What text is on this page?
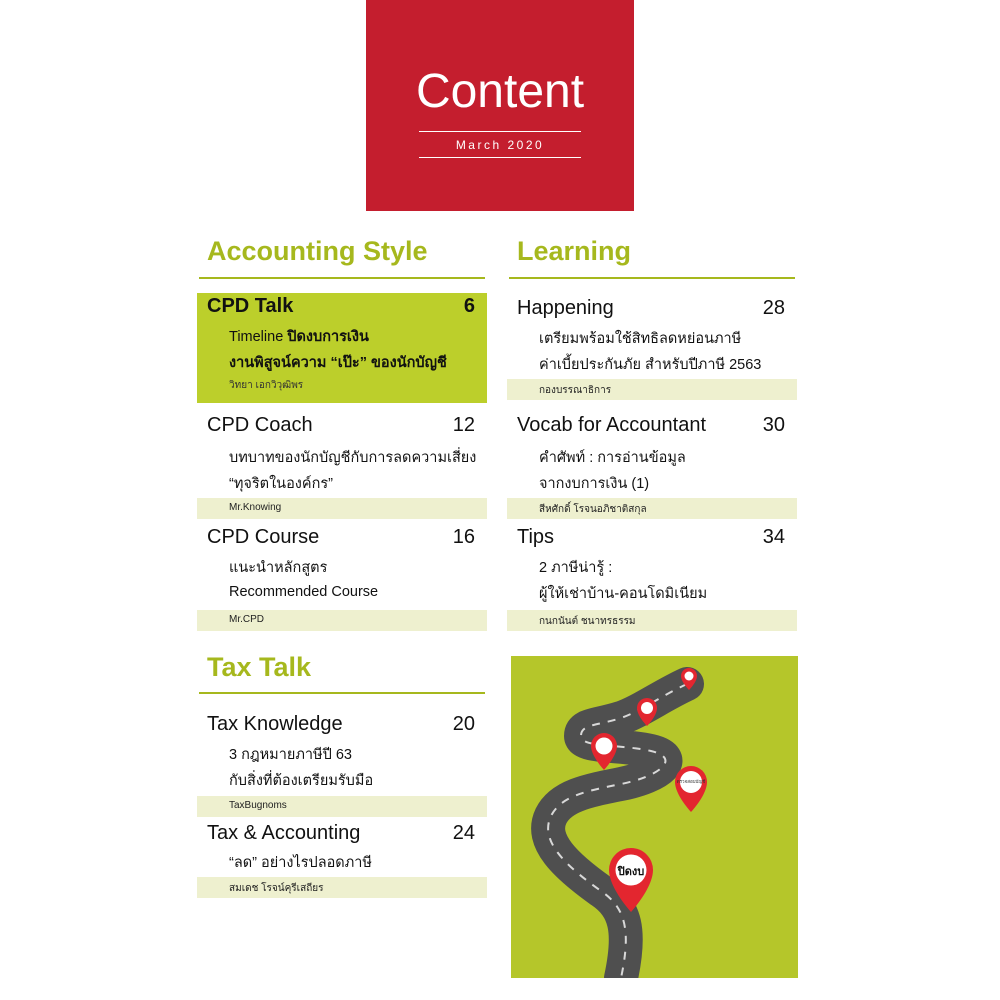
Content
March 2020
Accounting Style
CPD Talk	6
Timeline ปิดงบการเงิน
งานพิสูจน์ความ “เป๊ะ” ของนักบัญชี
วิทยา เอกวิวุฒิพร
CPD Coach	12
บทบาทของนักบัญชีกับการลดความเสี่ยง
“ทุจริตในองค์กร”
Mr.Knowing
CPD Course	16
แนะนำหลักสูตร
Recommended Course
Mr.CPD
Tax Talk
Tax Knowledge	20
3 กฎหมายภาษีปี 63
กับสิ่งที่ต้องเตรียมรับมือ
TaxBugnoms
Tax & Accounting	24
“ลด” อย่างไรปลอดภาษี
สมเดช โรจน์คุรีเสถียร
Learning
Happening	28
เตรียมพร้อมใช้สิทธิลดหย่อนภาษี
ค่าเบี้ยประกันภัย สำหรับปีภาษี 2563
กองบรรณาธิการ
Vocab for Accountant	30
คำศัพท์ : การอ่านข้อมูล
จากงบการเงิน (1)
สีหศักดิ์ โรจนอภิชาติสกุล
Tips	34
2 ภาษีน่ารู้ :
ผู้ให้เช่าบ้าน-คอนโดมิเนียม
กนกนันต์ ชนาทรธรรม
ตรวจสอบบัญชี
ปิดงบ
